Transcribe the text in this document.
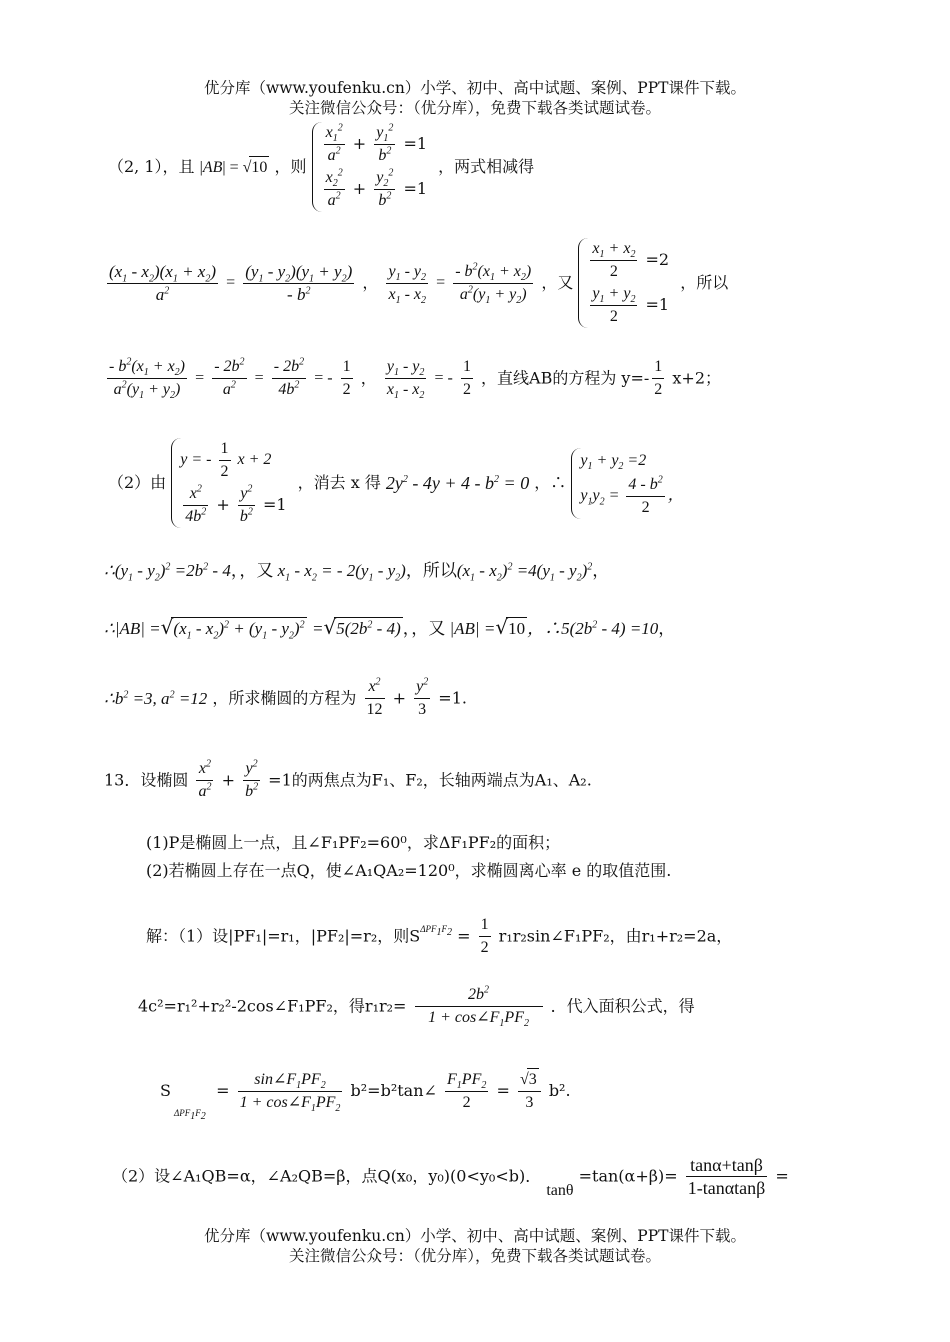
优分库（www.youfenku.cn）小学、初中、高中试题、案例、PPT课件下载。
关注微信公众号：（优分库），免费下载各类试题试卷。
（2, 1），且 |AB| = √10 ，则 $\frac{x_1^2}{a^2} + \frac{y_1^2}{b^2} =1$
$\frac{x_2^2}{a^2} + \frac{y_2^2}{b^2} =1$
，两式相减得
$\frac{(x_1 - x_2)(x_1 + x_2)}{a^2} = \frac{(y_1 - y_2)(y_1 + y_2)}{- b^2}$ ， $\frac{y_1 - y_2}{x_1 - x_2} = \frac{- b^2(x_1 + x_2)}{a^2(y_1 + y_2)}$ ，又 $\frac{x_1 + x_2}{2} =2$
$\frac{y_1 + y_2}{2} =1$
，所以
$\frac{- b^2(x_1 + x_2)}{a^2(y_1 + y_2)} = \frac{- 2b^2}{a^2} = \frac{- 2b^2}{4b^2}$ = - $\frac{1}{2}$ ， $\frac{y_1 - y_2}{x_1 - x_2}$ = - $\frac{1}{2}$ ，直线AB的方程为 $y=- \frac{1}{2} x+2$；
（2）由
y = - $\frac{1}{2}$ x + 2
$\frac{x^2}{4b^2} + \frac{y^2}{b^2} =1$
，消去 x 得 $2y^2 - 4y + 4 - b^2 = 0$ ，∴
$y_1 + y_2 =2$
$y_1y_2 = \frac{4 - b^2}{2}$ ，
$\therefore(y_1 - y_2)^2 =2b^2 - 4$，，又 $x_1 - x_2$ = - $2(y_1 - y_2)$，所以$(x_1 - x_2)^2 =4(y_1 - y_2)^2$，
∴|AB| $=√(x_1 - x_2)^2 + (y_1 - y_2)^2 =√5(2b^2 - 4)$ ，，又 |AB| =√10 ，$\therefore 5(2b^2 - 4) =10$，
$\therefore b^2 =3$, $a^2 =12$ ，所求椭圆的方程为 $\frac{x^2}{12} + \frac{y^2}{3} =1$.
13．设椭圆 $\frac{x^2}{a^2} + \frac{y^2}{b^2} =1$的两焦点为F₁、F₂，长轴两端点为A₁、A₂.
(1)P是椭圆上一点，且∠F₁PF₂=60⁰，求ΔF₁PF₂的面积；
(2)若椭圆上存在一点Q，使∠A₁QA₂=120⁰，求椭圆离心率 e 的取值范围.
解：（1）设|PF₁|=r₁，|PF₂|=r₂，则$S^{\Delta PF_1F_2} = \frac{1}{2}$ r₁r₂sin∠F₁PF₂，由r₁+r₂=2a，
4c²=r₁²+r₂²-2cos∠F₁PF₂，得$r_1r_2= \frac{2b^2}{1 + \cos\angle F_1PF_2}$ ．代入面积公式，得
S
$\Delta PF_1F_2$
= $\frac{\sin\angle F_1PF_2}{1 + \cos\angle F_1PF_2}$ b²=b²tan∠ $\frac{F_1PF_2}{2} = \frac{√3}{3} b^2$.
（2）设∠A₁QB=α，∠A₂QB=β，点Q(x₀，y₀)(0<y₀<b)． $\tan\theta =\tan(\alpha+\beta)= \frac{\tan\alpha+\tan\beta}{1-\tan\alpha\tan\beta}$ =
优分库（www.youfenku.cn）小学、初中、高中试题、案例、PPT课件下载。
关注微信公众号：（优分库），免费下载各类试题试卷。
